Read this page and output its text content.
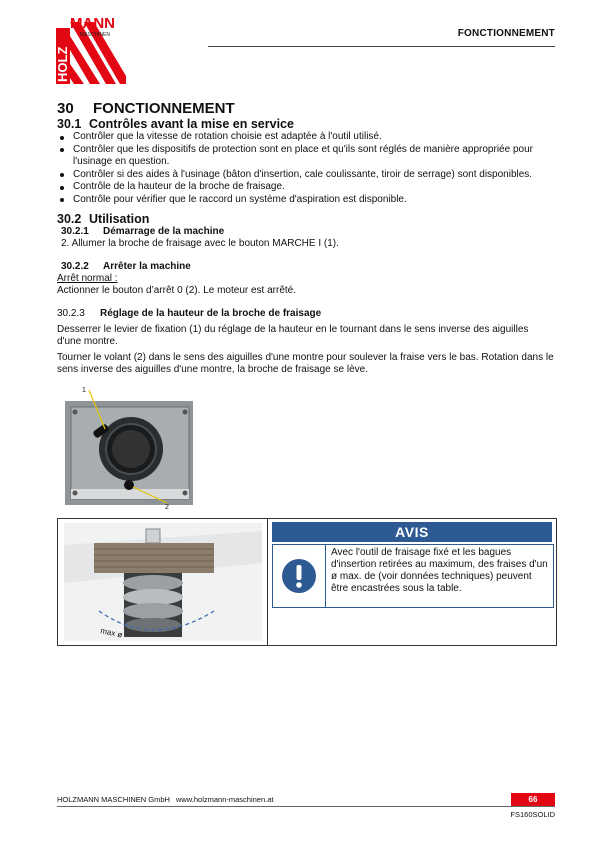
HOLZ
MANN
MASCHINEN	FONCTIONNEMENT
30 FONCTIONNEMENT
30.1 Contrôles avant la mise en service
Contrôler que la vitesse de rotation choisie est adaptée à l'outil utilisé.
Contrôler que les dispositifs de protection sont en place et qu'ils sont réglés de manière appropriée pour l'usinage en question.
Contrôler si des aides à l'usinage (bâton d'insertion, cale coulissante, tiroir de serrage) sont disponibles.
Contrôle de la hauteur de la broche de fraisage.
Contrôle pour vérifier que le raccord un système d'aspiration est disponible.
30.2 Utilisation
30.2.1 Démarrage de la machine

2. Allumer la broche de fraisage avec le bouton MARCHE I (1).

30.2.2 Arrêter la machine

Arrêt normal :

Actionner le bouton d’arrêt 0 (2). Le moteur est arrêté.

30.2.3 Réglage de la hauteur de la broche de fraisage

Desserrer le levier de fixation (1) du réglage de la hauteur en le tournant dans le sens inverse des aiguilles d'une montre.

Tourner le volant (2) dans le sens des aiguilles d'une montre pour soulever la fraise vers le bas. Rotation dans le sens inverse des aiguilles d'une montre, la broche de fraisage se lève.

1
2
max ø
AVIS
Avec l'outil de fraisage fixé et les bagues d'insertion retirées au maximum, des fraises d'un ø max. de (voir données techniques) peuvent être encastrées sous la table.
HOLZMANN MASCHINEN GmbH www.holzmann-maschinen.at	66
FS160SOLID
